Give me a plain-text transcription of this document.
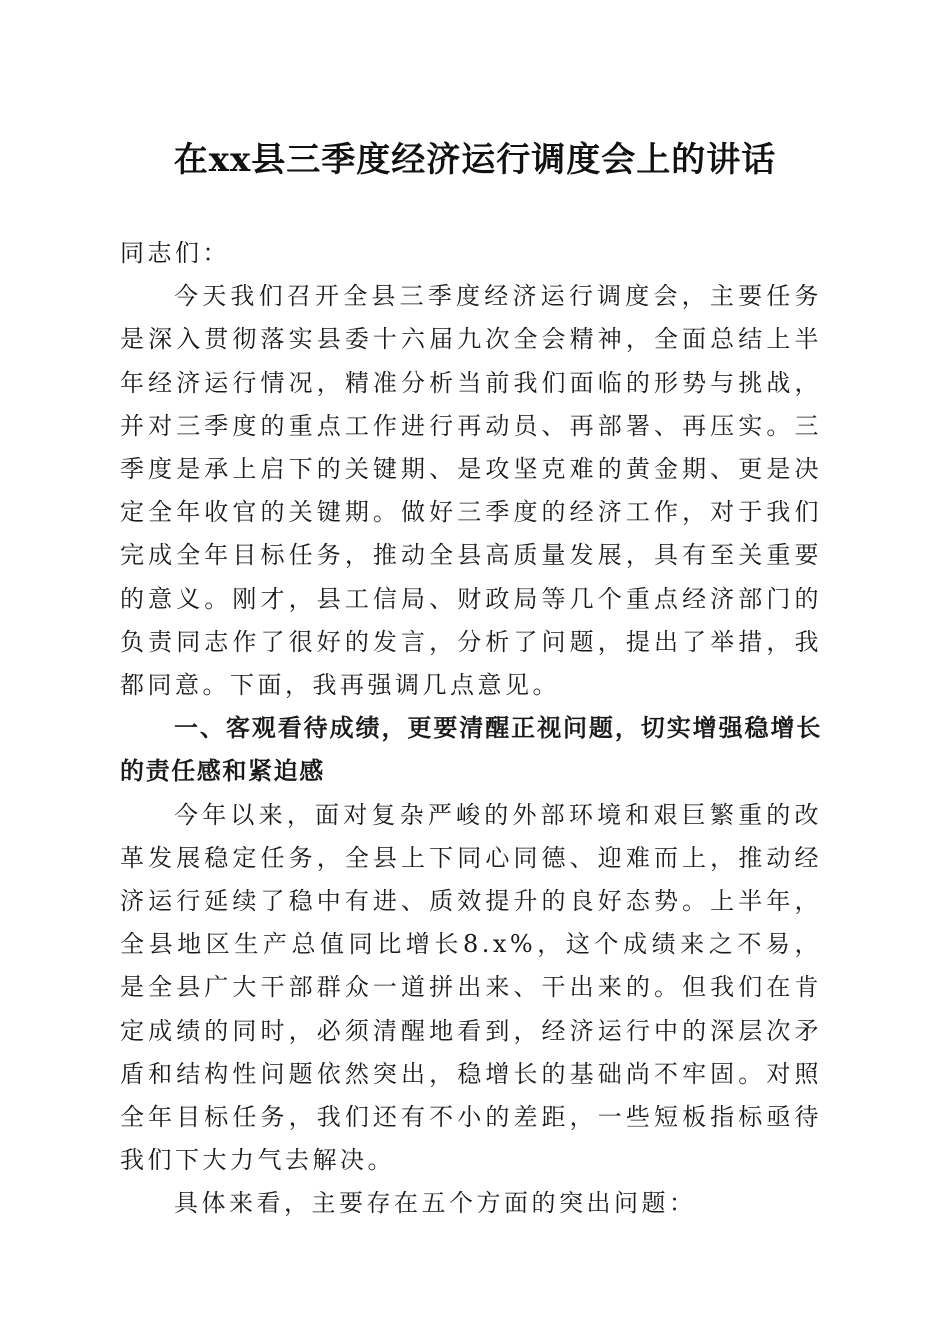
在xx县三季度经济运行调度会上的讲话

同志们：

今天我们召开全县三季度经济运行调度会，主要任务是深入贯彻落实县委十六届九次全会精神，全面总结上半年经济运行情况，精准分析当前我们面临的形势与挑战，并对三季度的重点工作进行再动员、再部署、再压实。三季度是承上启下的关键期、是攻坚克难的黄金期、更是决定全年收官的关键期。做好三季度的经济工作，对于我们完成全年目标任务，推动全县高质量发展，具有至关重要的意义。刚才，县工信局、财政局等几个重点经济部门的负责同志作了很好的发言，分析了问题，提出了举措，我都同意。下面，我再强调几点意见。

一、客观看待成绩，更要清醒正视问题，切实增强稳增长的责任感和紧迫感

今年以来，面对复杂严峻的外部环境和艰巨繁重的改革发展稳定任务，全县上下同心同德、迎难而上，推动经济运行延续了稳中有进、质效提升的良好态势。上半年，全县地区生产总值同比增长8.x%，这个成绩来之不易，是全县广大干部群众一道拼出来、干出来的。但我们在肯定成绩的同时，必须清醒地看到，经济运行中的深层次矛盾和结构性问题依然突出，稳增长的基础尚不牢固。对照全年目标任务，我们还有不小的差距，一些短板指标亟待我们下大力气去解决。

具体来看，主要存在五个方面的突出问题：
